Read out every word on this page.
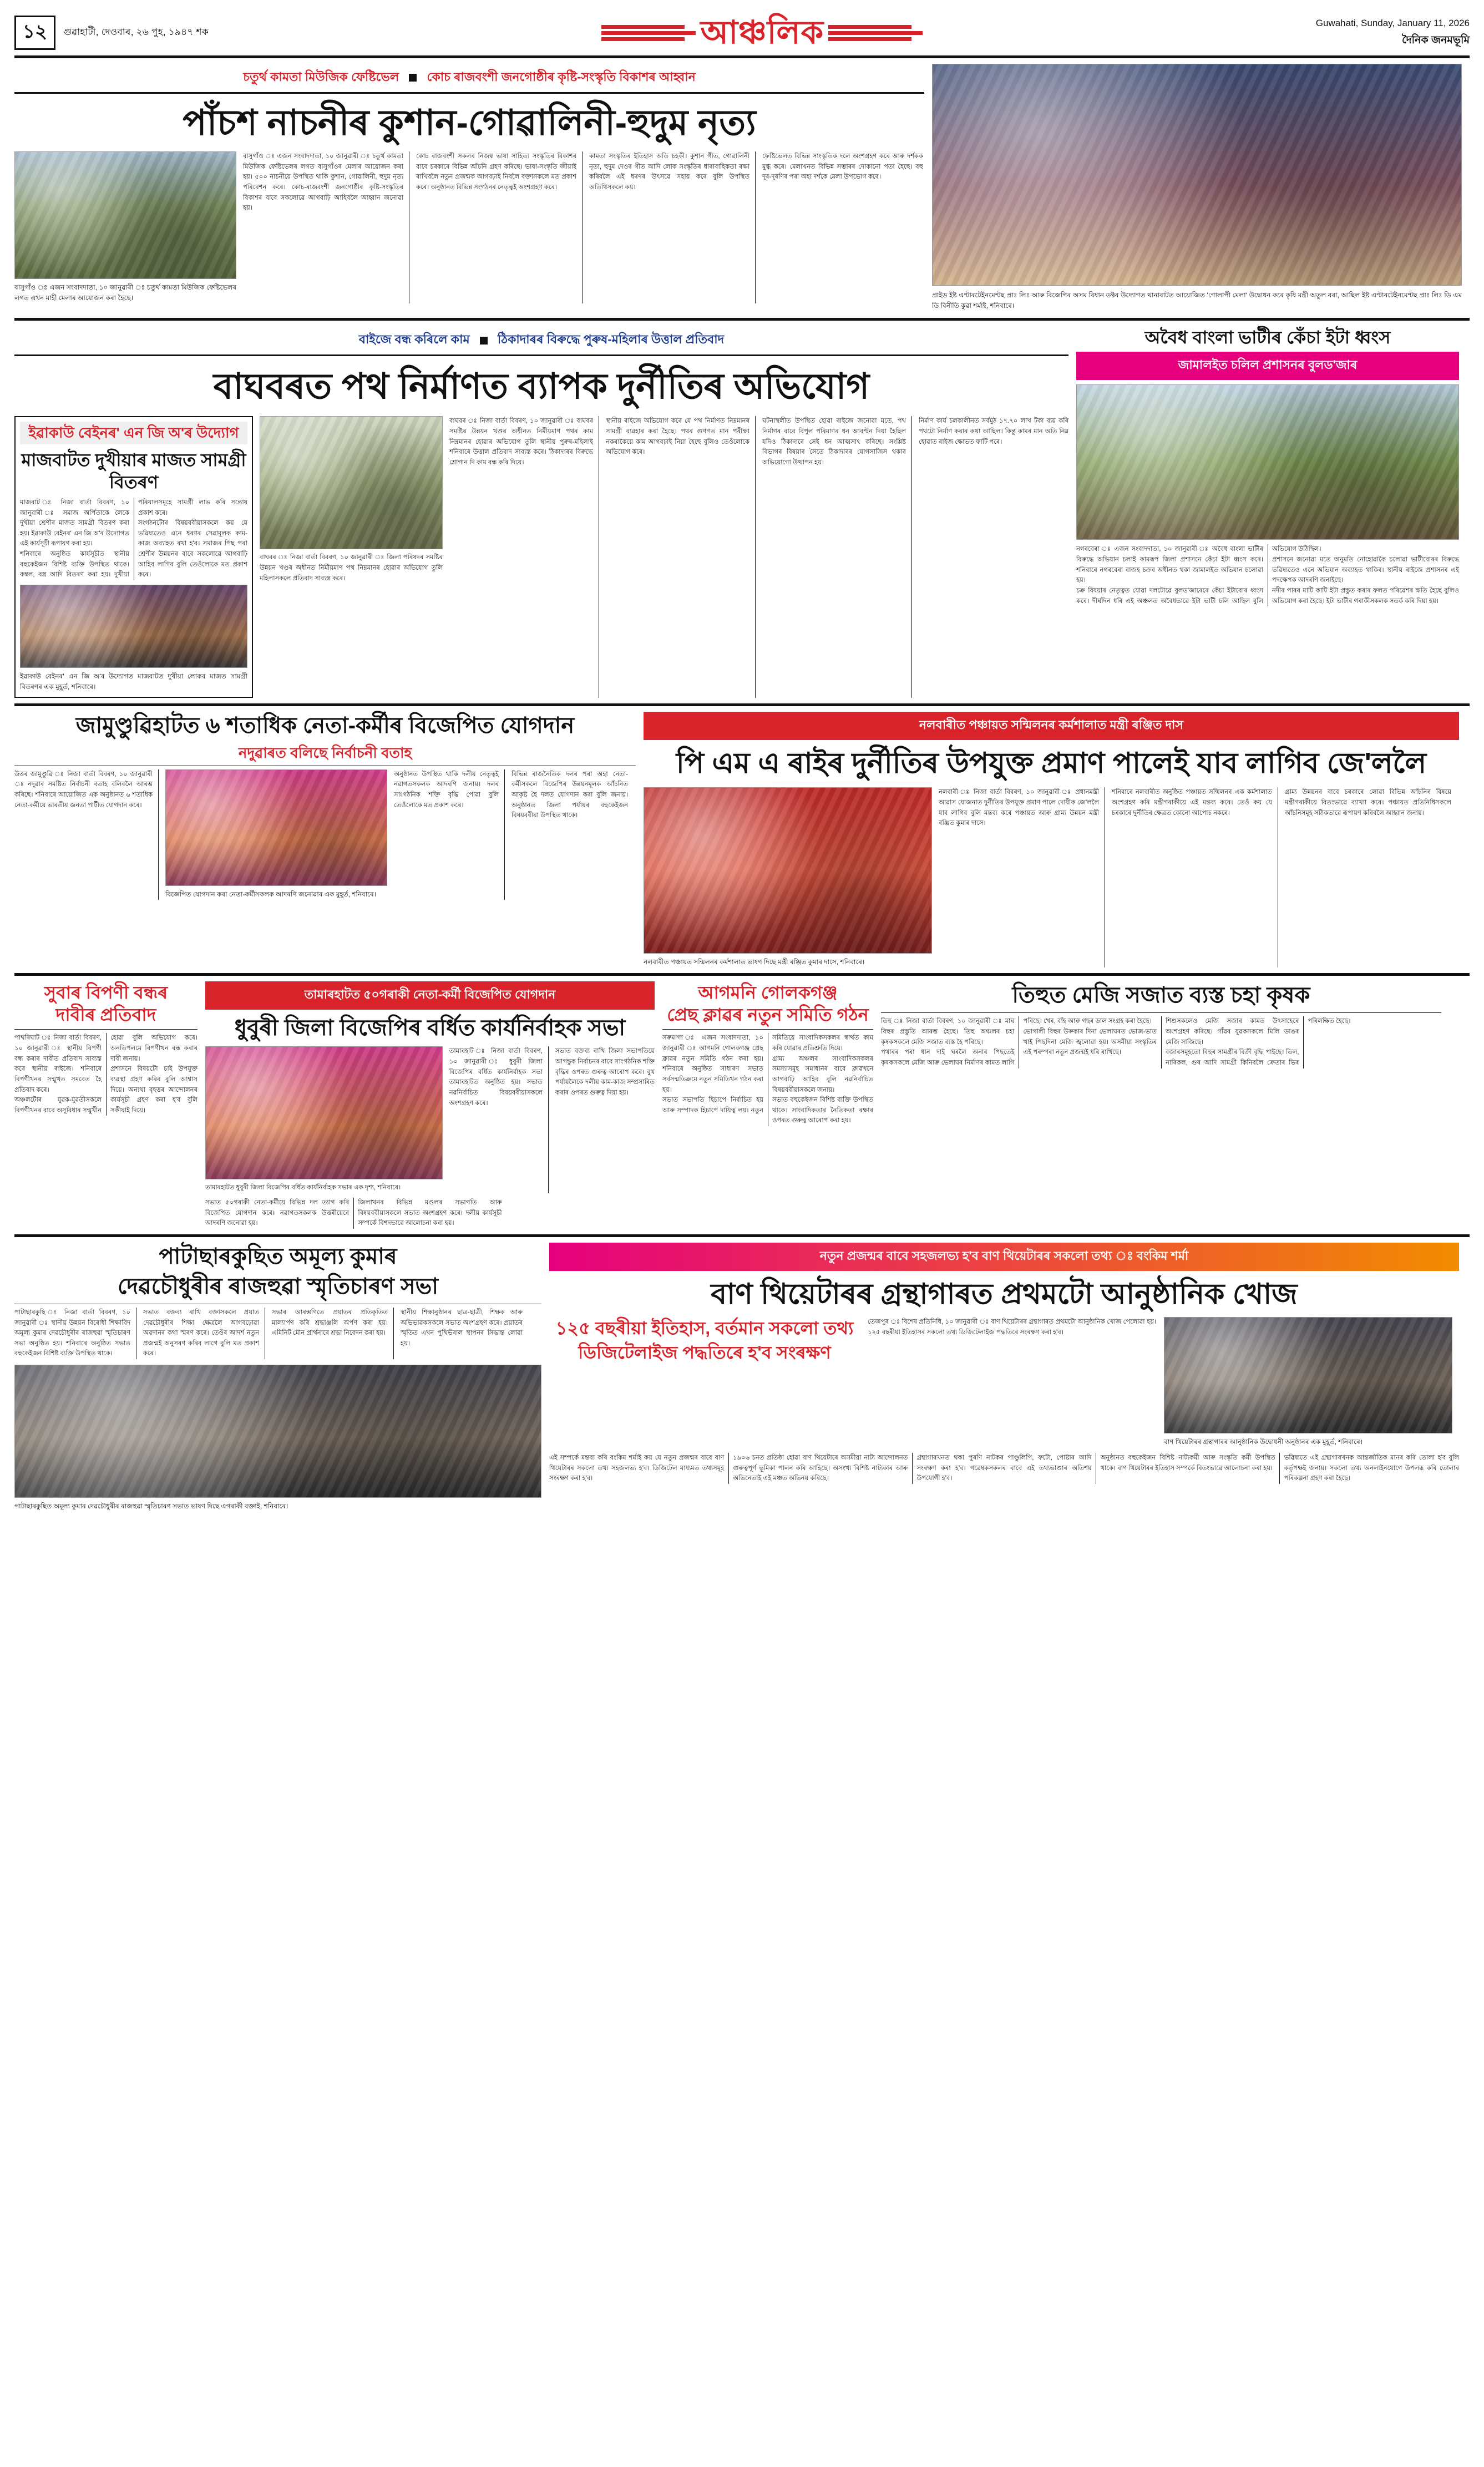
১২	গুৱাহাটী, দেওবাৰ, ২৬ পুহ, ১৯৪৭ শক	আঞ্চলিক	Guwahati, Sunday, January 11, 2026
দৈনিক জনমভূমি
চতুৰ্থ কামতা মিউজিক ফেষ্টিভেল কোচ ৰাজবংশী জনগোষ্ঠীৰ কৃষ্টি-সংস্কৃতি বিকাশৰ আহ্বান
পাঁচশ নাচনীৰ কুশান-গোৱালিনী-হুদুম নৃত্য
বাসুগাঁও ঃ এজন সংবাদদাতা, ১০ জানুৱাৰী ঃ চতুৰ্থ কামতা মিউজিক ফেষ্টিভেলৰ লগত এখন মাহী মেলাৰ আয়োজন কৰা হৈছে।
বাসুগাঁও ঃ এজন সংবাদদাতা, ১০ জানুৱাৰী ঃ চতুৰ্থ কামতা মিউজিক ফেষ্টিভেলৰ লগত বাসুগাঁওৰ মেলাৰ আয়োজন কৰা হয়। ৫০০ নাচনীয়ে উপস্থিত থাকি কুশান, গোৱালিনী, হুদুম নৃত্য পৰিবেশন কৰে। কোচ-ৰাজবংশী জনগোষ্ঠীৰ কৃষ্টি-সংস্কৃতিৰ বিকাশৰ বাবে সকলোৱে আগবাঢ়ি আহিবলৈ আহ্বান জনোৱা হয়।
কোচ ৰাজবংশী সকলৰ নিজস্ব ভাষা সাহিত্য সংস্কৃতিৰ বিকাশৰ বাবে চৰকাৰে বিভিন্ন আঁচনি গ্ৰহণ কৰিছে। ভাষা-সংস্কৃতি জীয়াই ৰাখিবলৈ নতুন প্ৰজন্মক আগবঢ়াই নিবলৈ বক্তাসকলে মত প্ৰকাশ কৰে। অনুষ্ঠানত বিভিন্ন সংগঠনৰ নেতৃত্বই অংশগ্ৰহণ কৰে।
কামতা সংস্কৃতিৰ ইতিহাস অতি চহকী। কুশান গীত, গোৱালিনী নৃত্য, হুদুম দেওৰ গীত আদি লোক সংস্কৃতিৰ ধাৰাবাহিকতা ৰক্ষা কৰিবলৈ এই ধৰণৰ উৎসৱে সহায় কৰে বুলি উপস্থিত অতিথিসকলে কয়।
ফেষ্টিভেলত বিভিন্ন সাংস্কৃতিক দলে অংশগ্ৰহণ কৰে আৰু দৰ্শকক মুগ্ধ কৰে। মেলাখনত বিভিন্ন সম্ভাৰৰ দোকানো পতা হৈছে। বহু দূৰ-দূৰণিৰ পৰা অহা দৰ্শকে মেলা উপভোগ কৰে।
প্ৰাইড ইষ্ট এণ্টাৰটেইনমেণ্টছ প্ৰাঃ লিঃ আৰু বিজেপিৰ অসম বিধান ডক্টৰ উদ্যোগত থানাবাটত আয়োজিত 'গোলাপী মেলা' উদ্বোধন কৰে কৃষি মন্ত্ৰী অতুল বৰা, আছিল ইষ্ট এণ্টাৰটেইনমেণ্টছ প্ৰাঃ লিঃ ডি এম ডি বিনীতি কুৱা শৰ্মাই, শনিবাৰে।
বাইজে বন্ধ কৰিলে কাম ঠিকাদাৰৰ বিৰুদ্ধে পুৰুষ-মহিলাৰ উত্তাল প্ৰতিবাদ
বাঘবৰত পথ নিৰ্মাণত ব্যাপক দুৰ্নীতিৰ অভিযোগ
ইৱাকাউ বেইনৰ' এন জি অ'ৰ উদ্যোগ
মাজবাটত দুখীয়াৰ মাজত সামগ্ৰী বিতৰণ
মাজবাট ঃ নিজা বাৰ্তা বিবৰণ, ১০ জানুৱাৰী ঃ সমাজ অৰ্পিতাকে লৈকে দুখীয়া শ্ৰেণীৰ মাজত সামগ্ৰী বিতৰণ কৰা হয়। ইৱাকাউ বেইনৰ' এন জি অ'ৰ উদ্যোগত এই কাৰ্যসূচী ৰূপায়ণ কৰা হয়।
শনিবাৰে অনুষ্ঠিত কাৰ্যসূচীত স্থানীয় বহুকেইজন বিশিষ্ট ব্যক্তি উপস্থিত থাকে। কম্বল, বস্ত্ৰ আদি বিতৰণ কৰা হয়। দুখীয়া পৰিয়ালসমূহে সামগ্ৰী লাভ কৰি সন্তোষ প্ৰকাশ কৰে।
সংগঠনটোৰ বিষয়ববীয়াসকলে কয় যে ভৱিষ্যতেও এনে ধৰণৰ সেৱামূলক কাম-কাজ অব্যাহত ৰখা হ'ব। সমাজৰ পিছ পৰা শ্ৰেণীৰ উন্নয়নৰ বাবে সকলোৱে আগবাঢ়ি আহিব লাগিব বুলি তেওঁলোকে মত প্ৰকাশ কৰে।
ইৱাকাউ বেইনৰ' এন জি অ'ৰ উদ্যোগত মাজবাটত দুখীয়া লোকৰ মাজত সামগ্ৰী বিতৰণৰ এক মুহূৰ্ত, শনিবাৰে।
বাঘবৰ ঃ নিজা বাৰ্তা বিবৰণ, ১০ জানুৱাৰী ঃ জিলা পৰিষদৰ সমষ্টিৰ উন্নয়ন খণ্ডৰ অধীনত নিৰ্মীয়মাণ পথ নিম্নমানৰ হোৱাৰ অভিযোগ তুলি মহিলাসকলে প্ৰতিবাদ সাব্যস্ত কৰে।
বাঘবৰ ঃ নিজা বাৰ্তা বিবৰণ, ১০ জানুৱাৰী ঃ বাঘবৰ সমষ্টিৰ উন্নয়ন খণ্ডৰ অধীনত নিৰ্মীয়মাণ পথৰ কাম নিম্নমানৰ হোৱাৰ অভিযোগ তুলি স্থানীয় পুৰুষ-মহিলাই শনিবাৰে উত্তাল প্ৰতিবাদ সাব্যস্ত কৰে। ঠিকাদাৰৰ বিৰুদ্ধে শ্লোগান দি কাম বন্ধ কৰি দিয়ে।
স্থানীয় ৰাইজে অভিযোগ কৰে যে পথ নিৰ্মাণত নিম্নমানৰ সামগ্ৰী ব্যৱহাৰ কৰা হৈছে। পথৰ গুণগত মান পৰীক্ষা নকৰাকৈয়ে কাম আগবঢ়াই নিয়া হৈছে বুলিও তেওঁলোকে অভিযোগ কৰে।
ঘটনাস্থলীত উপস্থিত হোৱা ৰাইজে জনোৱা মতে, পথ নিৰ্মাণৰ বাবে বিপুল পৰিমাণৰ ধন আবণ্টন দিয়া হৈছিল যদিও ঠিকাদাৰে সেই ধন আত্মসাৎ কৰিছে। সংশ্লিষ্ট বিভাগৰ বিষয়াৰ সৈতে ঠিকাদাৰৰ যোগসাজিস থকাৰ অভিযোগো উত্থাপন হয়।
নিৰ্মাণ কাৰ্য চলকালীনত সৰ্বমুঠ ১৭.৭০ লাখ টকা ব্যয় কৰি পথটো নিৰ্মাণ কৰাৰ কথা আছিল। কিন্তু কামৰ মান অতি নিম্ন হোৱাত ৰাইজ ক্ষোভত ফাটি পৰে।
অবৈধ বাংলা ভাটীৰ কেঁচা ইটা ধ্বংস
জামালইত চলিল প্ৰশাসনৰ বুলড'জাৰ
নগৰবেৰা ঃ এজন সংবাদদাতা, ১০ জানুৱাৰী ঃ অবৈধ বাংলা ভাটীৰ বিৰুদ্ধে অভিযান চলাই কামৰূপ জিলা প্ৰশাসনে কেঁচা ইটা ধ্বংস কৰে। শনিবাৰে নগৰবেৰা ৰাজহ চক্ৰৰ অধীনত থকা জামালইত অভিযান চলোৱা হয়।
চক্ৰ বিষয়াৰ নেতৃত্বত যোৱা দলটোৱে বুলড'জাৰেৰে কেঁচা ইটাবোৰ ধ্বংস কৰে। দীৰ্ঘদিন ধৰি এই অঞ্চলত অবৈধভাৱে ইটা ভাটী চলি আছিল বুলি অভিযোগ উঠিছিল।
প্ৰশাসনে জনোৱা মতে অনুমতি নোহোৱাকৈ চলোৱা ভাটীবোৰৰ বিৰুদ্ধে ভৱিষ্যতেও এনে অভিযান অব্যাহত থাকিব। স্থানীয় ৰাইজে প্ৰশাসনৰ এই পদক্ষেপক আদৰণি জনাইছে।
নদীৰ পাৰৰ মাটি কাটি ইটা প্ৰস্তুত কৰাৰ ফলত পৰিৱেশৰ ক্ষতি হৈছে বুলিও অভিযোগ কৰা হৈছে। ইটা ভাটীৰ গৰাকীসকলক সতৰ্ক কৰি দিয়া হয়।
জামুণ্ডুৱিহাটত ৬ শতাধিক নেতা-কৰ্মীৰ বিজেপিত যোগদান
নদুৱাৰত বলিছে নিৰ্বাচনী বতাহ
উত্তৰ জামুণ্ডুৱি ঃ নিজা বাৰ্তা বিবৰণ, ১০ জানুৱাৰী ঃ নদুৱাৰ সমষ্টিত নিৰ্বাচনী বতাহ বলিবলৈ আৰম্ভ কৰিছে। শনিবাৰে আয়োজিত এক অনুষ্ঠানত ৬ শতাধিক নেতা-কৰ্মীয়ে ভাৰতীয় জনতা পাৰ্টীত যোগদান কৰে।
বিজেপিত যোগদান কৰা নেতা-কৰ্মীসকলক আদৰণি জনোৱাৰ এক মুহূৰ্ত, শনিবাৰে।
অনুষ্ঠানত উপস্থিত থাকি দলীয় নেতৃত্বই নৱাগতসকলক আদৰণি জনায়। দলৰ সাংগঠনিক শক্তি বৃদ্ধি পোৱা বুলি তেওঁলোকে মত প্ৰকাশ কৰে।
বিভিন্ন ৰাজনৈতিক দলৰ পৰা অহা নেতা-কৰ্মীসকলে বিজেপিৰ উন্নয়নমূলক আঁচনিত আকৃষ্ট হৈ দলত যোগদান কৰা বুলি জনায়। অনুষ্ঠানত জিলা পৰ্যায়ৰ বহুকেইজন বিষয়ববীয়া উপস্থিত থাকে।
নলবাৰীত পঞ্চায়ত সন্মিলনৰ কৰ্মশালাত মন্ত্ৰী ৰঞ্জিত দাস
পি এম এ ৰাইৰ দুৰ্নীতিৰ উপযুক্ত প্ৰমাণ পালেই যাব লাগিব জে'ললৈ
নলবাৰীত পঞ্চায়ত সন্মিলনৰ কৰ্মশালাত ভাষণ দিছে মন্ত্ৰী ৰঞ্জিত কুমাৰ দাসে, শনিবাৰে।
নলবাৰী ঃ নিজা বাৰ্তা বিবৰণ, ১০ জানুৱাৰী ঃ প্ৰধানমন্ত্ৰী আৱাস যোজনাত দুৰ্নীতিৰ উপযুক্ত প্ৰমাণ পালে দোষীক জে'ললৈ যাব লাগিব বুলি মন্তব্য কৰে পঞ্চায়ত আৰু গ্ৰাম্য উন্নয়ন মন্ত্ৰী ৰঞ্জিত কুমাৰ দাসে।
শনিবাৰে নলবাৰীত অনুষ্ঠিত পঞ্চায়ত সন্মিলনৰ এক কৰ্মশালাত অংশগ্ৰহণ কৰি মন্ত্ৰীগৰাকীয়ে এই মন্তব্য কৰে। তেওঁ কয় যে চৰকাৰে দুৰ্নীতিৰ ক্ষেত্ৰত কোনো আপোচ নকৰে।
গ্ৰাম্য উন্নয়নৰ বাবে চৰকাৰে লোৱা বিভিন্ন আঁচনিৰ বিষয়ে মন্ত্ৰীগৰাকীয়ে বিতংভাৱে ব্যাখ্যা কৰে। পঞ্চায়ত প্ৰতিনিধিসকলে আঁচনিসমূহ সঠিকভাৱে ৰূপায়ণ কৰিবলৈ আহ্বান জনায়।
সুবাৰ বিপণী বন্ধৰ
দাবীৰ প্ৰতিবাদ
পাথৰিঘাট ঃ নিজা বাৰ্তা বিবৰণ, ১০ জানুৱাৰী ঃ স্থানীয় বিপণী বন্ধ কৰাৰ দাবীত প্ৰতিবাদ সাব্যস্ত কৰে স্থানীয় ৰাইজে। শনিবাৰে বিপণীখনৰ সন্মুখত সমবেত হৈ প্ৰতিবাদ কৰে।
অঞ্চলটোৰ যুৱক-যুৱতীসকলে বিপণীখনৰ বাবে অসুবিধাৰ সন্মুখীন হোৱা বুলি অভিযোগ কৰে। অনতিপলমে বিপণীখন বন্ধ কৰাৰ দাবী জনায়।
প্ৰশাসনে বিষয়টো চাই উপযুক্ত ব্যৱস্থা গ্ৰহণ কৰিব বুলি আশ্বাস দিয়ে। অন্যথা বৃহত্তৰ আন্দোলনৰ কাৰ্যসূচী গ্ৰহণ কৰা হ'ব বুলি সকীয়াই দিয়ে।
তামাৰহাটত ৫০গৰাকী নেতা-কৰ্মী বিজেপিত যোগদান
ধুবুৰী জিলা বিজেপিৰ বৰ্ধিত কাৰ্যনিৰ্বাহক সভা
তামাৰহাটত ধুবুৰী জিলা বিজেপিৰ বৰ্ধিত কাৰ্যনিৰ্বাহক সভাৰ এক দৃশ্য, শনিবাৰে।
তামাৰহাট ঃ নিজা বাৰ্তা বিবৰণ, ১০ জানুৱাৰী ঃ ধুবুৰী জিলা বিজেপিৰ বৰ্ধিত কাৰ্যনিৰ্বাহক সভা তামাৰহাটত অনুষ্ঠিত হয়। সভাত নৱনিৰ্বাচিত বিষয়ববীয়াসকলে অংশগ্ৰহণ কৰে।
সভাত বক্তব্য ৰাখি জিলা সভাপতিয়ে আগন্তুক নিৰ্বাচনৰ বাবে সাংগঠনিক শক্তি বৃদ্ধিৰ ওপৰত গুৰুত্ব আৰোপ কৰে। বুথ পৰ্যায়লৈকে দলীয় কাম-কাজ সম্প্ৰসাৰিত কৰাৰ ওপৰত গুৰুত্ব দিয়া হয়।
সভাত ৫০গৰাকী নেতা-কৰ্মীয়ে বিভিন্ন দল ত্যাগ কৰি বিজেপিত যোগদান কৰে। নৱাগতসকলক উত্তৰীয়েৰে আদৰণি জনোৱা হয়।
জিলাখনৰ বিভিন্ন মণ্ডলৰ সভাপতি আৰু বিষয়ববীয়াসকলে সভাত অংশগ্ৰহণ কৰে। দলীয় কাৰ্যসূচী সম্পৰ্কে বিশদভাৱে আলোচনা কৰা হয়।
আগমনি গোলকগঞ্জ
প্ৰেছ ক্লাৱৰ নতুন সমিতি গঠন
সৰুমাগা ঃ এজন সংবাদদাতা, ১০ জানুৱাৰী ঃ আগমনি গোলকগঞ্জ প্ৰেছ ক্লাৱৰ নতুন সমিতি গঠন কৰা হয়। শনিবাৰে অনুষ্ঠিত সাধাৰণ সভাত সৰ্বসন্মতিক্ৰমে নতুন সমিতিখন গঠন কৰা হয়।
সভাত সভাপতি হিচাপে নিৰ্বাচিত হয় আৰু সম্পাদক হিচাপে দায়িত্ব লয়। নতুন সমিতিয়ে সাংবাদিকসকলৰ স্বাৰ্থত কাম কৰি যোৱাৰ প্ৰতিশ্ৰুতি দিয়ে।
গ্ৰাম্য অঞ্চলৰ সাংবাদিকসকলৰ সমস্যাসমূহ সমাধানৰ বাবে ক্লাৱখনে আগবাঢ়ি আহিব বুলি নৱনিৰ্বাচিত বিষয়ববীয়াসকলে জনায়।
সভাত বহুকেইজন বিশিষ্ট ব্যক্তি উপস্থিত থাকে। সাংবাদিকতাৰ নৈতিকতা ৰক্ষাৰ ওপৰত গুৰুত্ব আৰোপ কৰা হয়।
তিহুত মেজি সজাত ব্যস্ত চহা কৃষক
তিহু ঃ নিজা বাৰ্তা বিবৰণ, ১০ জানুৱাৰী ঃ মাঘ বিহুৰ প্ৰস্তুতি আৰম্ভ হৈছে। তিহু অঞ্চলৰ চহা কৃষকসকলে মেজি সজাত ব্যস্ত হৈ পৰিছে।
পথাৰৰ পৰা ধান দাই ঘৰলৈ অনাৰ পিছতেই কৃষকসকলে মেজি আৰু ভেলাঘৰ নিৰ্মাণৰ কামত লাগি পৰিছে। খেৰ, বাঁহ আৰু গছৰ ডাল সংগ্ৰহ কৰা হৈছে।
ভোগালী বিহুৰ উৰুকাৰ দিনা ভেলাঘৰত ভোজ-ভাত খাই পিছদিনা মেজি জ্বলোৱা হয়। অসমীয়া সংস্কৃতিৰ এই পৰম্পৰা নতুন প্ৰজন্মই ধৰি ৰাখিছে।
শিশুসকলেও মেজি সজাৰ কামত উৎসাহেৰে অংশগ্ৰহণ কৰিছে। গাঁৱৰ যুৱকসকলে মিলি ডাঙৰ মেজি সাজিছে।
বজাৰসমূহতো বিহুৰ সামগ্ৰীৰ বিক্ৰী বৃদ্ধি পাইছে। তিল, নাৰিকল, গুৰ আদি সামগ্ৰী কিনিবলৈ ক্ৰেতাৰ ভিৰ পৰিলক্ষিত হৈছে।
পাটাছাৰকুছিত অমূল্য কুমাৰ
দেৱচৌধুৰীৰ ৰাজহুৱা স্মৃতিচাৰণ সভা
পাটাছাৰকুছি ঃ নিজা বাৰ্তা বিবৰণ, ১০ জানুৱাৰী ঃ স্থানীয় উন্নয়ন বিৰোধী শিক্ষাবিদ অমূল্য কুমাৰ দেৱচৌধুৰীৰ ৰাজহুৱা স্মৃতিচাৰণ সভা অনুষ্ঠিত হয়। শনিবাৰে অনুষ্ঠিত সভাত বহুকেইজন বিশিষ্ট ব্যক্তি উপস্থিত থাকে।
সভাত বক্তব্য ৰাখি বক্তাসকলে প্ৰয়াত দেৱচৌধুৰীৰ শিক্ষা ক্ষেত্ৰলৈ আগবঢ়োৱা অৱদানৰ কথা স্মৰণ কৰে। তেওঁৰ আদৰ্শ নতুন প্ৰজন্মই অনুসৰণ কৰিব লাগে বুলি মত প্ৰকাশ কৰে।
সভাৰ আৰম্ভণিতে প্ৰয়াতৰ প্ৰতিকৃতিত মাল্যাৰ্পণ কৰি শ্ৰদ্ধাঞ্জলি অৰ্পণ কৰা হয়। এমিনিট মৌন প্ৰাৰ্থনাৰে শ্ৰদ্ধা নিবেদন কৰা হয়।
স্থানীয় শিক্ষানুষ্ঠানৰ ছাত্ৰ-ছাত্ৰী, শিক্ষক আৰু অভিভাৱকসকলে সভাত অংশগ্ৰহণ কৰে। প্ৰয়াতৰ স্মৃতিত এখন পুথিভঁৰাল স্থাপনৰ সিদ্ধান্ত লোৱা হয়।
পাটাছাৰকুছিত অমূল্য কুমাৰ দেৱচৌধুৰীৰ ৰাজহুৱা স্মৃতিচাৰণ সভাত ভাষণ দিছে এগৰাকী বক্তাই, শনিবাৰে।
নতুন প্ৰজন্মৰ বাবে সহজলভ্য হ'ব বাণ থিয়েটাৰৰ সকলো তথ্য ঃ বংকিম শৰ্মা
বাণ থিয়েটাৰৰ গ্ৰন্থাগাৰত প্ৰথমটো আনুষ্ঠানিক খোজ
১২৫ বছৰীয়া ইতিহাস, বৰ্তমান সকলো তথ্য
ডিজিটেলাইজ পদ্ধতিৰে হ'ব সংৰক্ষণ
তেজপুৰ ঃ বিশেষ প্ৰতিনিধি, ১০ জানুৱাৰী ঃ বাণ থিয়েটাৰৰ গ্ৰন্থাগাৰত প্ৰথমটো আনুষ্ঠানিক খোজ পেলোৱা হয়। ১২৫ বছৰীয়া ইতিহাসৰ সকলো তথ্য ডিজিটেলাইজ পদ্ধতিৰে সংৰক্ষণ কৰা হ'ব।
বাণ থিয়েটাৰৰ গ্ৰন্থাগাৰৰ আনুষ্ঠানিক উদ্বোধনী অনুষ্ঠানৰ এক মুহূৰ্ত, শনিবাৰে।
এই সম্পৰ্কে মন্তব্য কৰি বংকিম শৰ্মাই কয় যে নতুন প্ৰজন্মৰ বাবে বাণ থিয়েটাৰৰ সকলো তথ্য সহজলভ্য হ'ব। ডিজিটেল মাধ্যমত তথ্যসমূহ সংৰক্ষণ কৰা হ'ব।
১৯০৬ চনত প্ৰতিষ্ঠা হোৱা বাণ থিয়েটাৰে অসমীয়া নাট্য আন্দোলনত গুৰুত্বপূৰ্ণ ভূমিকা পালন কৰি আহিছে। অসংখ্য বিশিষ্ট নাট্যকাৰ আৰু অভিনেতাই এই মঞ্চত অভিনয় কৰিছে।
গ্ৰন্থাগাৰখনত থকা পুৰণি নাটকৰ পাণ্ডুলিপি, ফটো, পোষ্টাৰ আদি সংৰক্ষণ কৰা হ'ব। গৱেষকসকলৰ বাবে এই তথ্যভাণ্ডাৰ অতিশয় উপযোগী হ'ব।
অনুষ্ঠানত বহুকেইজন বিশিষ্ট নাট্যকৰ্মী আৰু সংস্কৃতি কৰ্মী উপস্থিত থাকে। বাণ থিয়েটাৰৰ ইতিহাস সম্পৰ্কে বিতংভাৱে আলোচনা কৰা হয়।
ভৱিষ্যতে এই গ্ৰন্থাগাৰখনক আন্তৰ্জাতিক মানৰ কৰি তোলা হ'ব বুলি কৰ্তৃপক্ষই জনায়। সকলো তথ্য অনলাইনযোগে উপলব্ধ কৰি তোলাৰ পৰিকল্পনা গ্ৰহণ কৰা হৈছে।
